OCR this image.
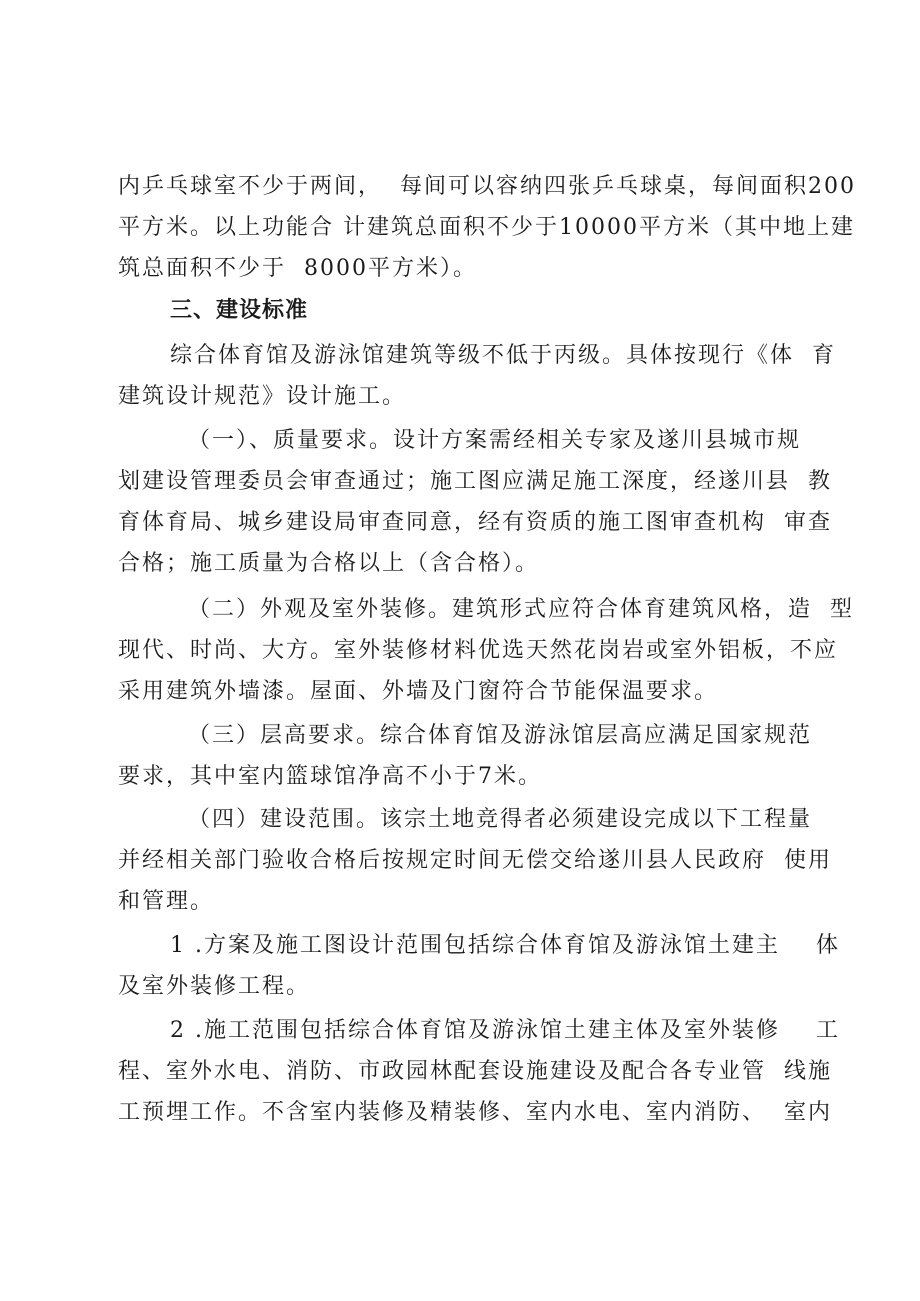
内乒乓球室不少于两间，  每间可以容纳四张乒乓球桌，每间面积200
平方米。以上功能合 计建筑总面积不少于10000平方米（其中地上建
筑总面积不少于  8000平方米）。
三、建设标准
综合体育馆及游泳馆建筑等级不低于丙级。具体按现行《体  育
建筑设计规范》设计施工。
（一）、质量要求。设计方案需经相关专家及遂川县城市规
划建设管理委员会审查通过；施工图应满足施工深度，经遂川县  教
育体育局、城乡建设局审查同意，经有资质的施工图审查机构  审查
合格；施工质量为合格以上（含合格）。
（二）外观及室外装修。建筑形式应符合体育建筑风格，造  型
现代、时尚、大方。室外装修材料优选天然花岗岩或室外铝板，不应
采用建筑外墙漆。屋面、外墙及门窗符合节能保温要求。
（三）层高要求。综合体育馆及游泳馆层高应满足国家规范
要求，其中室内篮球馆净高不小于7米。
（四）建设范围。该宗土地竞得者必须建设完成以下工程量
并经相关部门验收合格后按规定时间无偿交给遂川县人民政府  使用
和管理。
1 .方案及施工图设计范围包括综合体育馆及游泳馆土建主    体
及室外装修工程。
2 .施工范围包括综合体育馆及游泳馆土建主体及室外装修    工
程、室外水电、消防、市政园林配套设施建设及配合各专业管  线施
工预埋工作。不含室内装修及精装修、室内水电、室内消防、  室内
